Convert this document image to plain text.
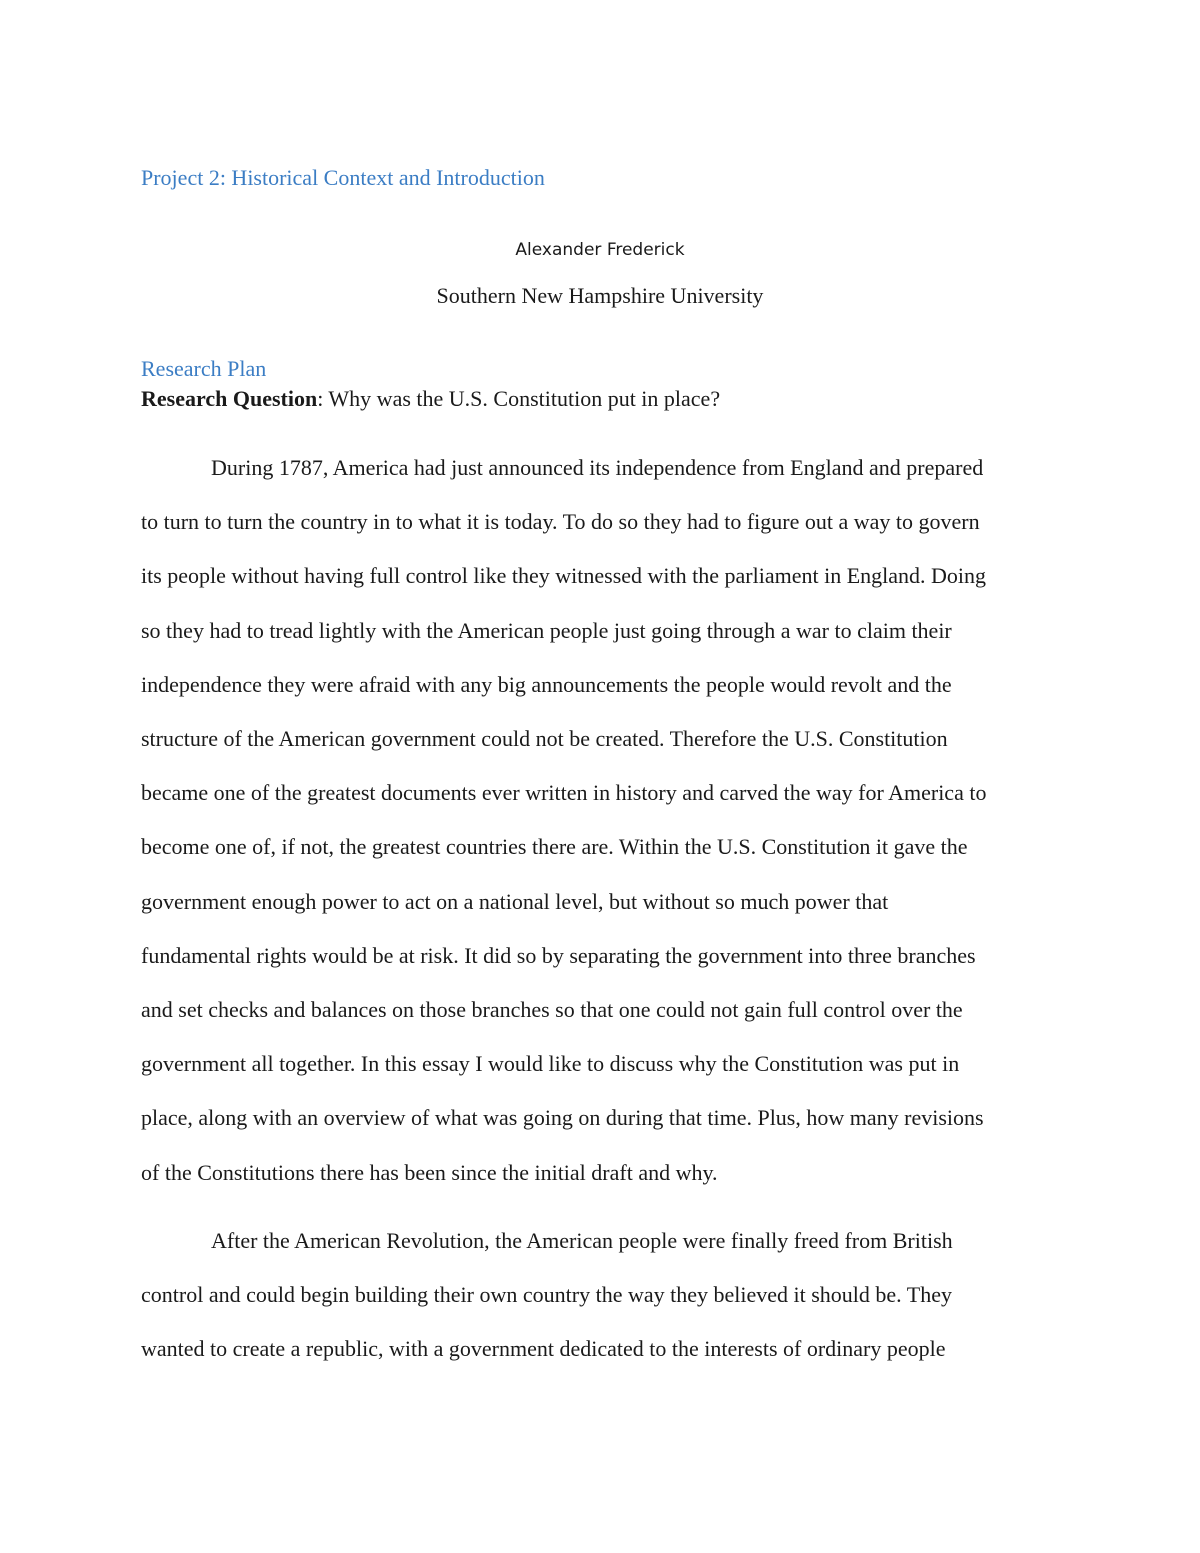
Project 2: Historical Context and Introduction
Alexander Frederick
Southern New Hampshire University
Research Plan
Research Question: Why was the U.S. Constitution put in place?
During 1787, America had just announced its independence from England and prepared
to turn to turn the country in to what it is today. To do so they had to figure out a way to govern
its people without having full control like they witnessed with the parliament in England. Doing
so they had to tread lightly with the American people just going through a war to claim their
independence they were afraid with any big announcements the people would revolt and the
structure of the American government could not be created. Therefore the U.S. Constitution
became one of the greatest documents ever written in history and carved the way for America to
become one of, if not, the greatest countries there are. Within the U.S. Constitution it gave the
government enough power to act on a national level, but without so much power that
fundamental rights would be at risk. It did so by separating the government into three branches
and set checks and balances on those branches so that one could not gain full control over the
government all together. In this essay I would like to discuss why the Constitution was put in
place, along with an overview of what was going on during that time. Plus, how many revisions
of the Constitutions there has been since the initial draft and why.
After the American Revolution, the American people were finally freed from British
control and could begin building their own country the way they believed it should be. They
wanted to create a republic, with a government dedicated to the interests of ordinary people
